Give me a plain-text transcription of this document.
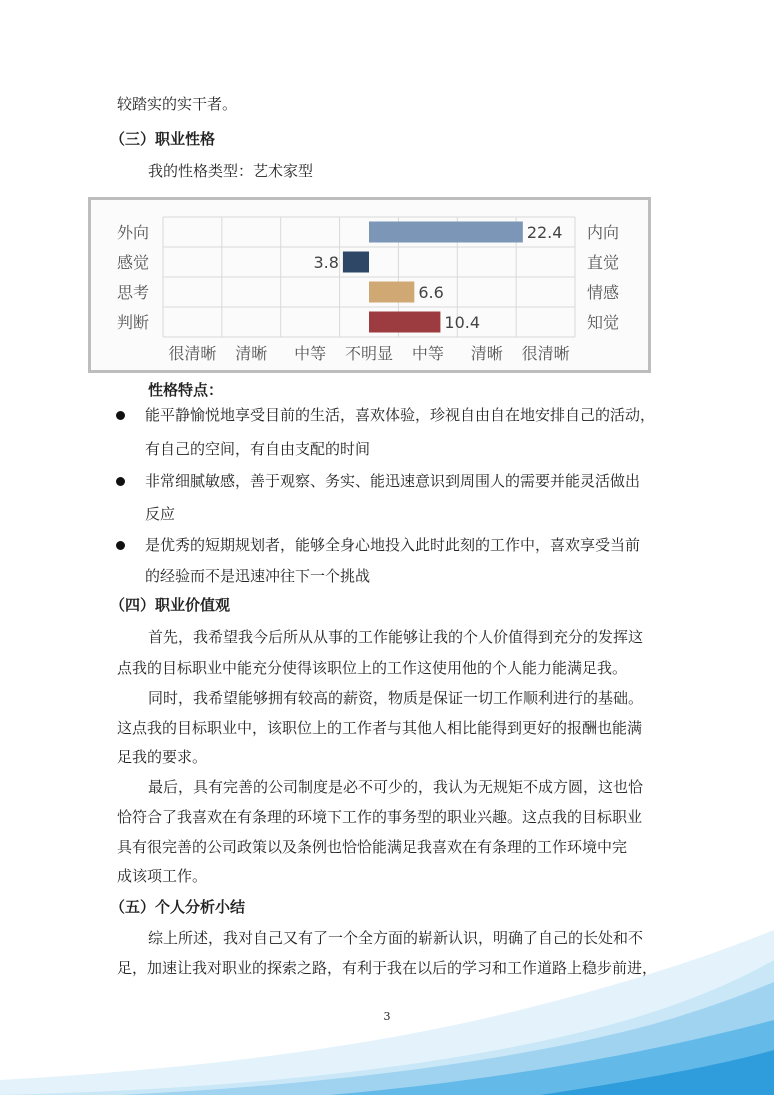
较踏实的实干者。
（三）职业性格
我的性格类型：艺术家型
外向	内向
22.4
感觉	直觉
3.8
思考	情感
6.6
判断	知觉
10.4
很清晰 清晰 中等 不明显 中等 清晰 很清晰
性格特点：
能平静愉悦地享受目前的生活，喜欢体验，珍视自由自在地安排自己的活动，
有自己的空间，有自由支配的时间
非常细腻敏感，善于观察、务实、能迅速意识到周围人的需要并能灵活做出
反应
是优秀的短期规划者，能够全身心地投入此时此刻的工作中，喜欢享受当前
的经验而不是迅速冲往下一个挑战
（四）职业价值观
首先，我希望我今后所从从事的工作能够让我的个人价值得到充分的发挥这
点我的目标职业中能充分使得该职位上的工作这使用他的个人能力能满足我。
同时，我希望能够拥有较高的薪资，物质是保证一切工作顺利进行的基础。
这点我的目标职业中，该职位上的工作者与其他人相比能得到更好的报酬也能满
足我的要求。
最后，具有完善的公司制度是必不可少的，我认为无规矩不成方圆，这也恰
恰符合了我喜欢在有条理的环境下工作的事务型的职业兴趣。这点我的目标职业
具有很完善的公司政策以及条例也恰恰能满足我喜欢在有条理的工作环境中完
成该项工作。
（五）个人分析小结
综上所述，我对自己又有了一个全方面的崭新认识，明确了自己的长处和不
足，加速让我对职业的探索之路，有利于我在以后的学习和工作道路上稳步前进，
3
